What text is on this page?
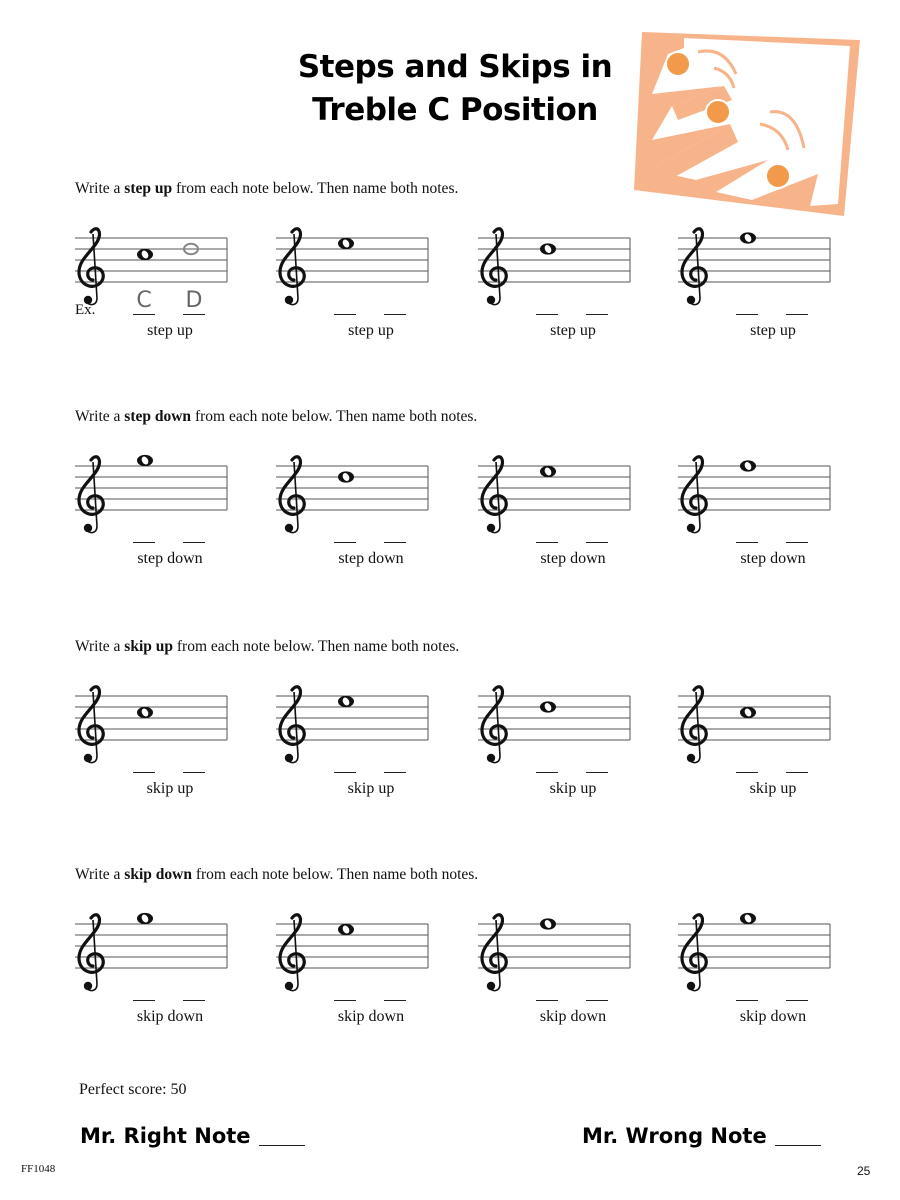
Steps and Skips in
Treble C Position
Write a step up from each note below. Then name both notes.
Ex. C D
step up	step up	step up	step up
Write a step down from each note below. Then name both notes.
step down	step down	step down	step down
Write a skip up from each note below. Then name both notes.
skip up	skip up	skip up	skip up
Write a skip down from each note below. Then name both notes.
skip down	skip down	skip down	skip down
Perfect score: 50
Mr. Right Note	Mr. Wrong Note
FF1048	25
